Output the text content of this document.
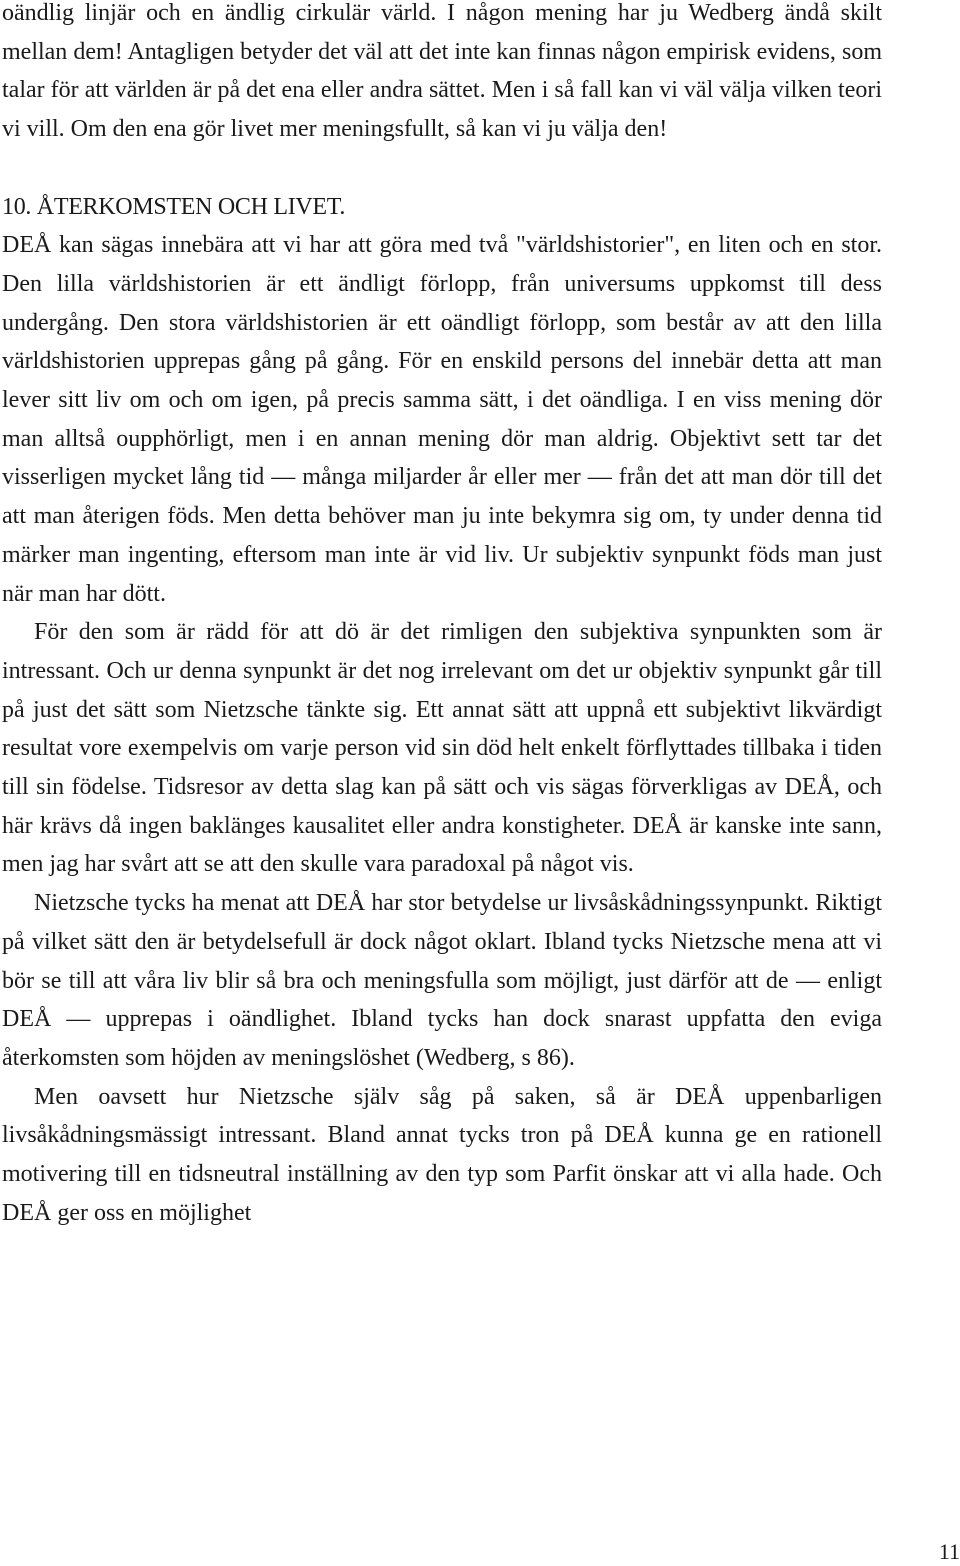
oändlig linjär och en ändlig cirkulär värld. I någon mening har ju Wedberg ändå skilt mellan dem! Antagligen betyder det väl att det inte kan finnas någon empirisk evidens, som talar för att världen är på det ena eller andra sättet. Men i så fall kan vi väl välja vilken teori vi vill. Om den ena gör livet mer meningsfullt, så kan vi ju välja den!

10. ÅTERKOMSTEN OCH LIVET.

DEÅ kan sägas innebära att vi har att göra med två "världshistorier", en liten och en stor. Den lilla världshistorien är ett ändligt förlopp, från universums uppkomst till dess undergång. Den stora världshistorien är ett oändligt förlopp, som består av att den lilla världshistorien upprepas gång på gång. För en enskild persons del innebär detta att man lever sitt liv om och om igen, på precis samma sätt, i det oändliga. I en viss mening dör man alltså oupphörligt, men i en annan mening dör man aldrig. Objektivt sett tar det visserligen mycket lång tid — många miljarder år eller mer — från det att man dör till det att man återigen föds. Men detta behöver man ju inte bekymra sig om, ty under denna tid märker man ingenting, eftersom man inte är vid liv. Ur subjektiv synpunkt föds man just när man har dött.

För den som är rädd för att dö är det rimligen den subjektiva synpunkten som är intressant. Och ur denna synpunkt är det nog irrelevant om det ur objektiv synpunkt går till på just det sätt som Nietzsche tänkte sig. Ett annat sätt att uppnå ett subjektivt likvärdigt resultat vore exempelvis om varje person vid sin död helt enkelt förflyttades tillbaka i tiden till sin födelse. Tidsresor av detta slag kan på sätt och vis sägas förverkligas av DEÅ, och här krävs då ingen baklänges kausalitet eller andra konstigheter. DEÅ är kanske inte sann, men jag har svårt att se att den skulle vara paradoxal på något vis.

Nietzsche tycks ha menat att DEÅ har stor betydelse ur livsåskådningssynpunkt. Riktigt på vilket sätt den är betydelsefull är dock något oklart. Ibland tycks Nietzsche mena att vi bör se till att våra liv blir så bra och meningsfulla som möjligt, just därför att de — enligt DEÅ — upprepas i oändlighet. Ibland tycks han dock snarast uppfatta den eviga återkomsten som höjden av meningslöshet (Wedberg, s 86).

Men oavsett hur Nietzsche själv såg på saken, så är DEÅ uppenbarligen livsåkådningsmässigt intressant. Bland annat tycks tron på DEÅ kunna ge en rationell motivering till en tidsneutral inställning av den typ som Parfit önskar att vi alla hade. Och DEÅ ger oss en möjlighet

11
